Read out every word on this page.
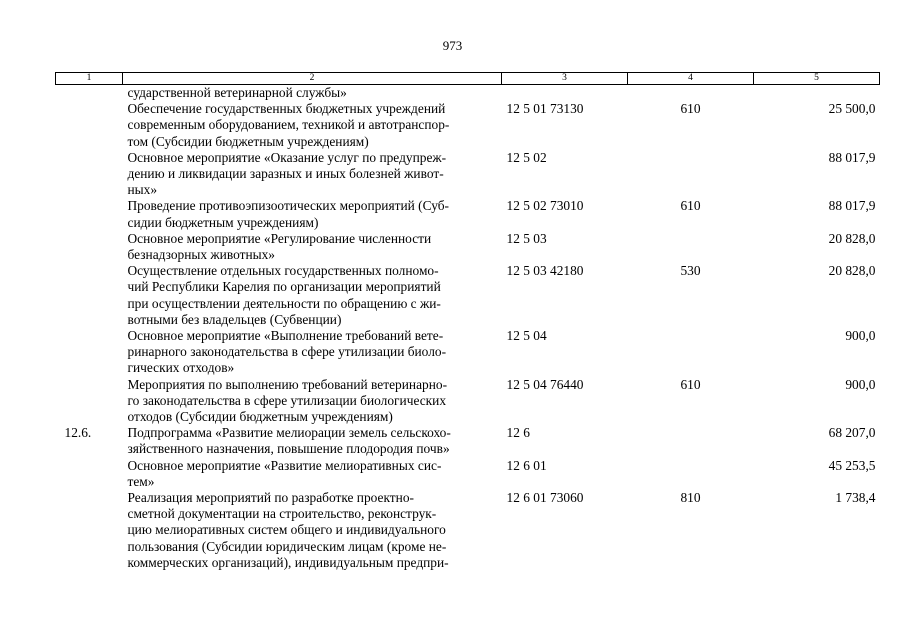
973
1	2	3	4	5

	сударственной ветеринарной службы»			

	Обеспечение государственных бюджетных учреждений
современным оборудованием, техникой и автотранспор-
том (Субсидии бюджетным учреждениям)	12 5 01 73130	610	25 500,0

	Основное мероприятие «Оказание услуг по предупреж-
дению и ликвидации заразных и иных болезней живот-
ных»	12 5 02		88 017,9

	Проведение противоэпизоотических мероприятий (Суб-
сидии бюджетным учреждениям)	12 5 02 73010	610	88 017,9

	Основное мероприятие «Регулирование численности
безнадзорных животных»	12 5 03		20 828,0

	Осуществление отдельных государственных полномо-
чий Республики Карелия по организации мероприятий
при осуществлении деятельности по обращению с жи-
вотными без владельцев (Субвенции)	12 5 03 42180	530	20 828,0

	Основное мероприятие «Выполнение требований вете-
ринарного законодательства в сфере утилизации биоло-
гических отходов»	12 5 04		900,0

	Мероприятия по выполнению требований ветеринарно-
го законодательства в сфере утилизации биологических
отходов (Субсидии бюджетным учреждениям)	12 5 04 76440	610	900,0
12.6.	Подпрограмма «Развитие мелиорации земель сельскохо-
зяйственного назначения, повышение плодородия почв»	12 6		68 207,0

	Основное мероприятие «Развитие мелиоративных сис-
тем»	12 6 01		45 253,5

	Реализация мероприятий по разработке проектно-
сметной документации на строительство, реконструк-
цию мелиоративных систем общего и индивидуального
пользования (Субсидии юридическим лицам (кроме не-
коммерческих организаций), индивидуальным предпри-	12 6 01 73060	810	1 738,4
